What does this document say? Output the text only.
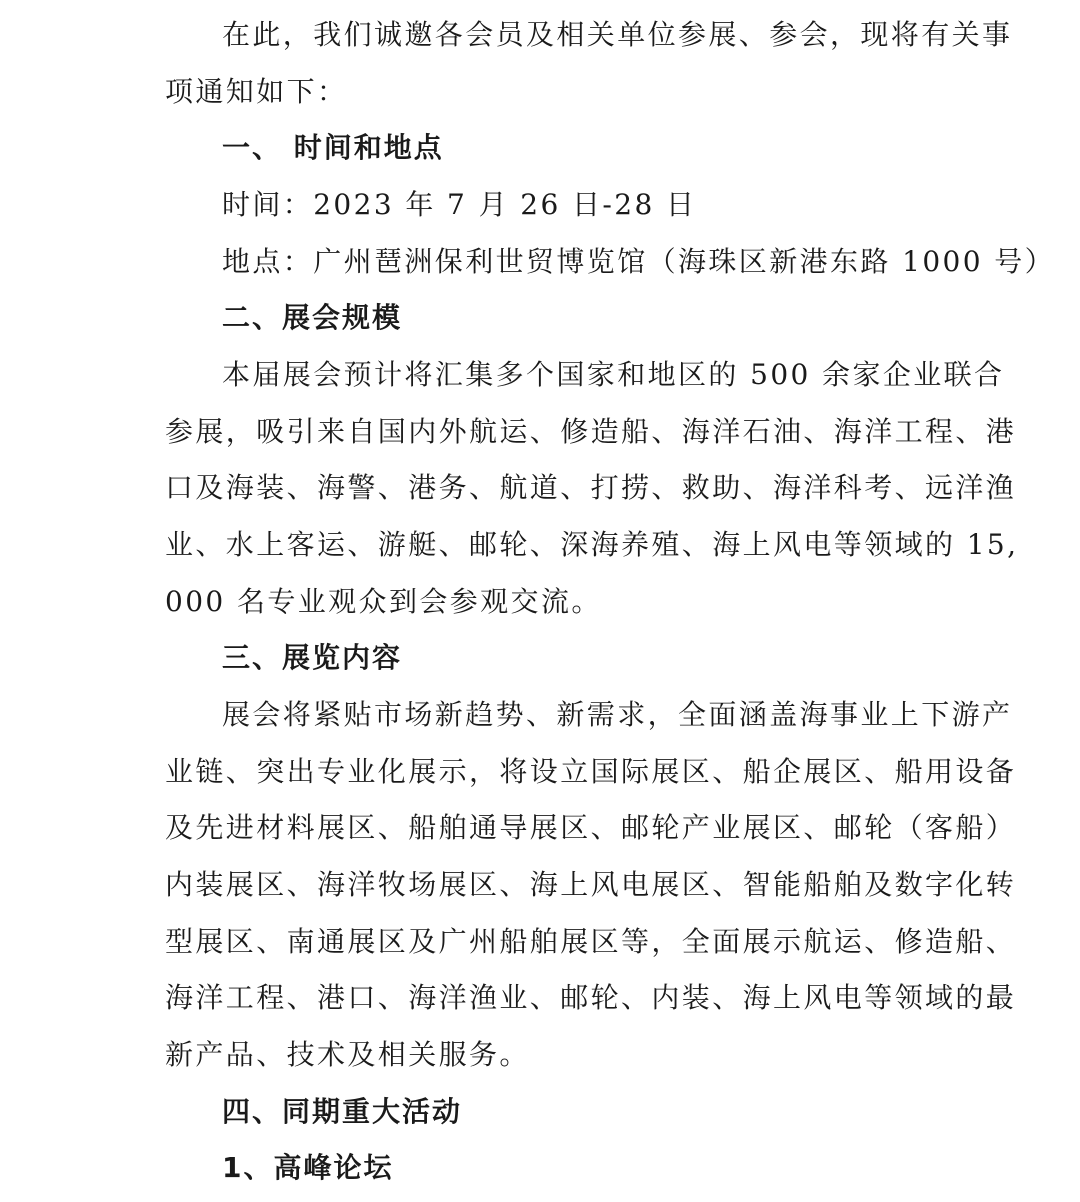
在此，我们诚邀各会员及相关单位参展、参会，现将有关事
项通知如下：
一、 时间和地点
时间：2023 年 7 月 26 日-28 日
地点：广州琶洲保利世贸博览馆（海珠区新港东路 1000 号）
二、展会规模
本届展会预计将汇集多个国家和地区的 500 余家企业联合
参展，吸引来自国内外航运、修造船、海洋石油、海洋工程、港
口及海装、海警、港务、航道、打捞、救助、海洋科考、远洋渔
业、水上客运、游艇、邮轮、深海养殖、海上风电等领域的 15,
000 名专业观众到会参观交流。
三、展览内容
展会将紧贴市场新趋势、新需求，全面涵盖海事业上下游产
业链、突出专业化展示，将设立国际展区、船企展区、船用设备
及先进材料展区、船舶通导展区、邮轮产业展区、邮轮（客船）
内装展区、海洋牧场展区、海上风电展区、智能船舶及数字化转
型展区、南通展区及广州船舶展区等，全面展示航运、修造船、
海洋工程、港口、海洋渔业、邮轮、内装、海上风电等领域的最
新产品、技术及相关服务。
四、同期重大活动
1、高峰论坛
